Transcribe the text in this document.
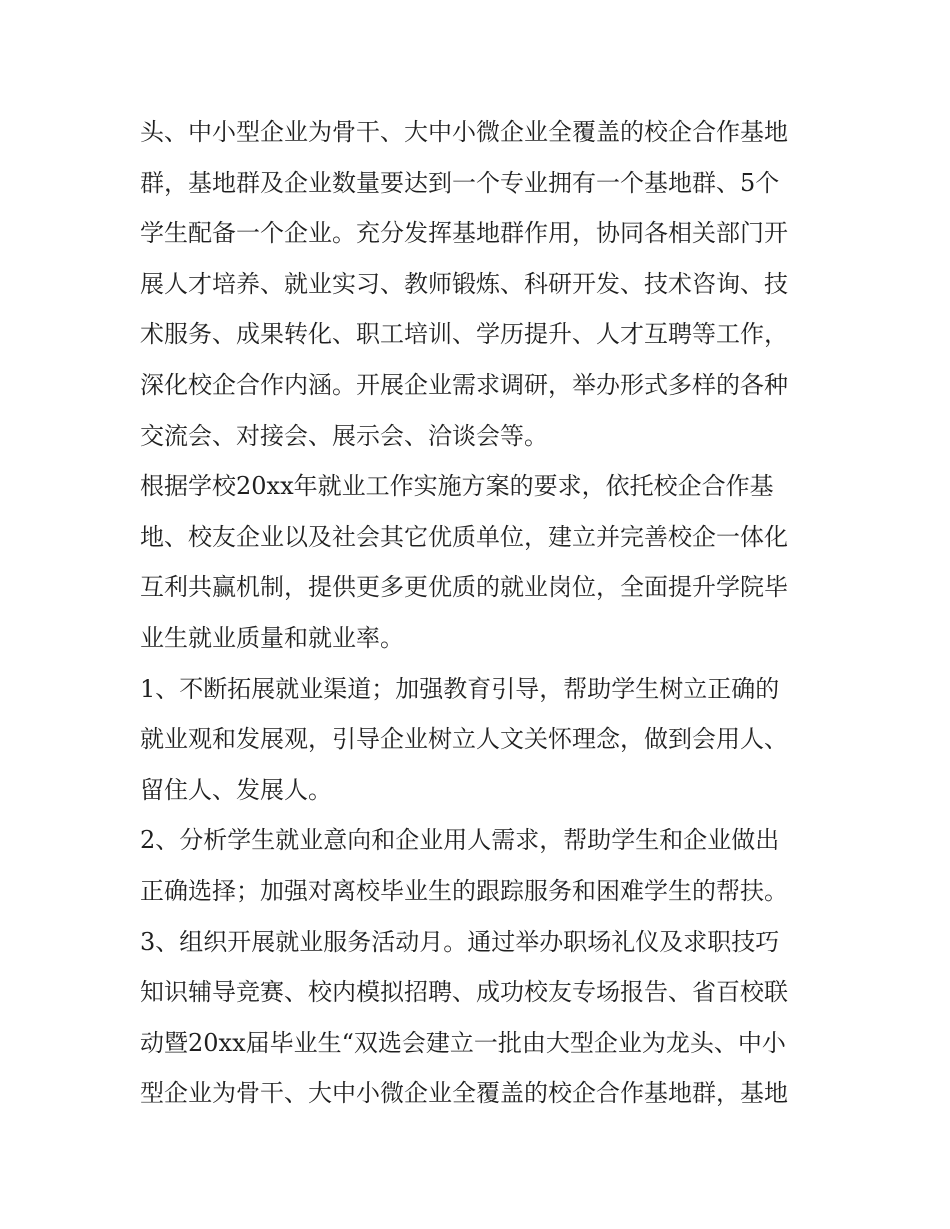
头、中小型企业为骨干、大中小微企业全覆盖的校企合作基地
群，基地群及企业数量要达到一个专业拥有一个基地群、5个
学生配备一个企业。充分发挥基地群作用，协同各相关部门开
展人才培养、就业实习、教师锻炼、科研开发、技术咨询、技
术服务、成果转化、职工培训、学历提升、人才互聘等工作，
深化校企合作内涵。开展企业需求调研，举办形式多样的各种
交流会、对接会、展示会、洽谈会等。
根据学校20xx年就业工作实施方案的要求，依托校企合作基
地、校友企业以及社会其它优质单位，建立并完善校企一体化
互利共赢机制，提供更多更优质的就业岗位，全面提升学院毕
业生就业质量和就业率。
1、不断拓展就业渠道；加强教育引导，帮助学生树立正确的
就业观和发展观，引导企业树立人文关怀理念，做到会用人、
留住人、发展人。
2、分析学生就业意向和企业用人需求，帮助学生和企业做出
正确选择；加强对离校毕业生的跟踪服务和困难学生的帮扶。
3、组织开展就业服务活动月。通过举办职场礼仪及求职技巧
知识辅导竞赛、校内模拟招聘、成功校友专场报告、省百校联
动暨20xx届毕业生“双选会建立一批由大型企业为龙头、中小
型企业为骨干、大中小微企业全覆盖的校企合作基地群，基地
